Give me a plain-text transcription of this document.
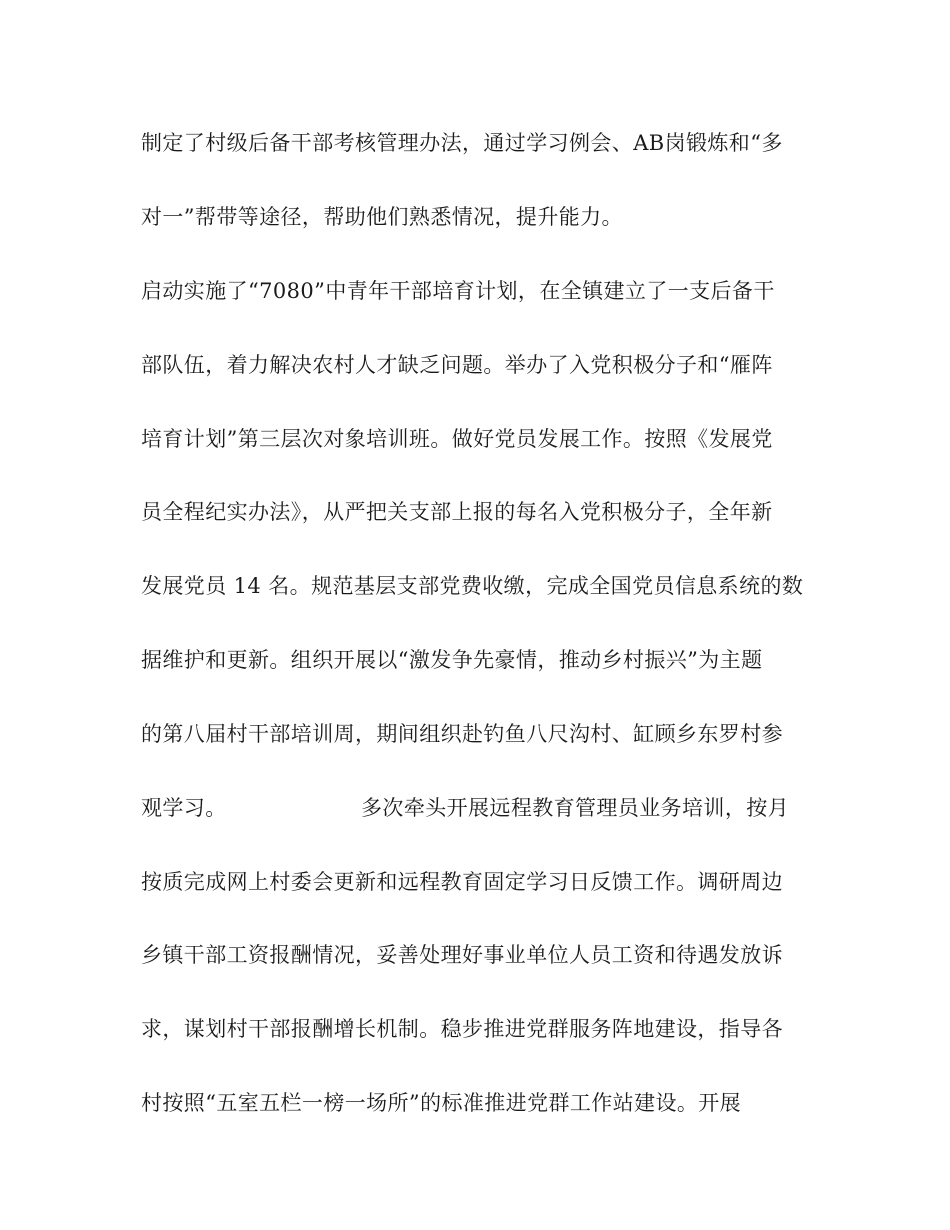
制定了村级后备干部考核管理办法，通过学习例会、AB岗锻炼和“多
对一”帮带等途径，帮助他们熟悉情况，提升能力。
启动实施了“7080”中青年干部培育计划，在全镇建立了一支后备干
部队伍，着力解决农村人才缺乏问题。举办了入党积极分子和“雁阵
培育计划”第三层次对象培训班。做好党员发展工作。按照《发展党
员全程纪实办法》，从严把关支部上报的每名入党积极分子，全年新
发展党员 14 名。规范基层支部党费收缴，完成全国党员信息系统的数
据维护和更新。组织开展以“激发争先豪情，推动乡村振兴”为主题
的第八届村干部培训周，期间组织赴钓鱼八尺沟村、缸顾乡东罗村参
观学习。                   多次牵头开展远程教育管理员业务培训，按月
按质完成网上村委会更新和远程教育固定学习日反馈工作。调研周边
乡镇干部工资报酬情况，妥善处理好事业单位人员工资和待遇发放诉
求，谋划村干部报酬增长机制。稳步推进党群服务阵地建设，指导各
村按照“五室五栏一榜一场所”的标准推进党群工作站建设。开展
